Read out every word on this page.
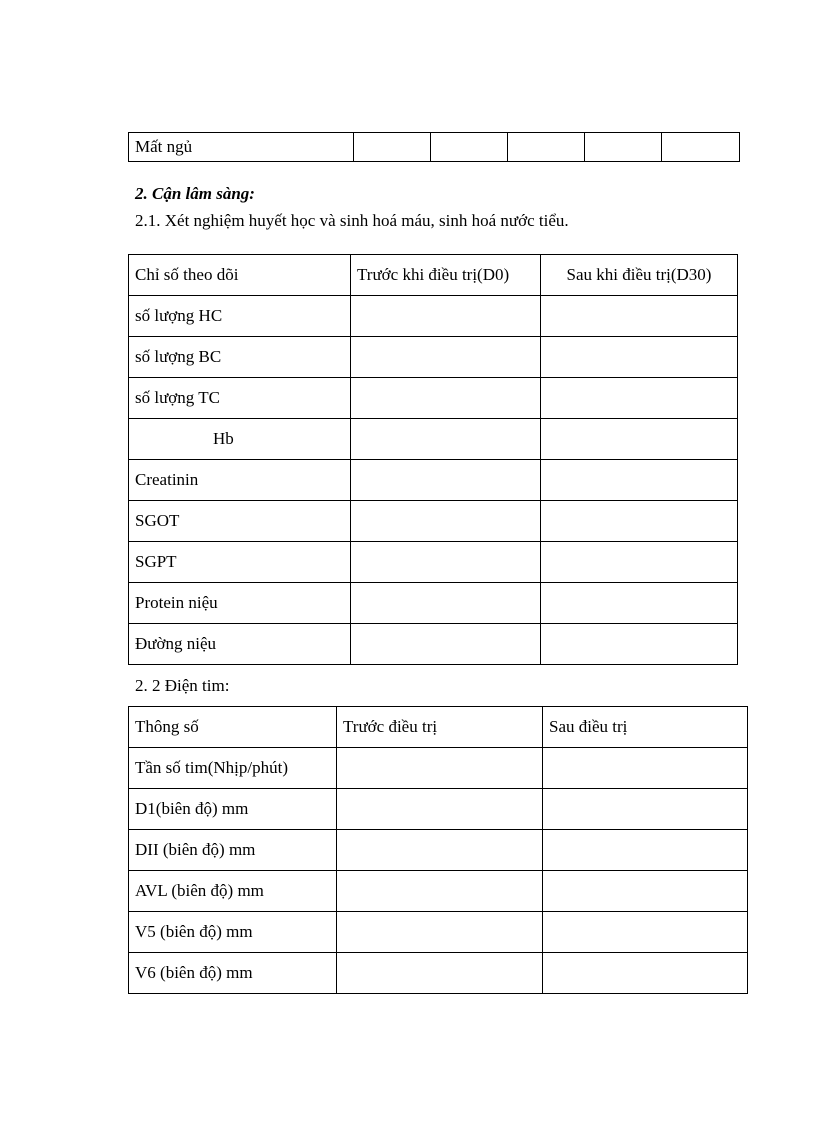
Mất ngủ					
2. Cận lâm sàng:
2.1. Xét nghiệm huyết học và sinh hoá máu, sinh hoá nước tiểu.
Chỉ số theo dõi	Trước khi điều trị(D0)	Sau khi điều trị(D30)
số lượng HC		
số lượng BC		
số lượng TC		
Hb		
Creatinin		
SGOT		
SGPT		
Protein niệu		
Đường niệu		
2. 2 Điện tim:
Thông số	Trước điều trị	Sau điều trị
Tần số tim(Nhịp/phút)		
D1(biên độ) mm		
DII (biên độ) mm		
AVL (biên độ) mm		
V5 (biên độ) mm		
V6 (biên độ) mm		
